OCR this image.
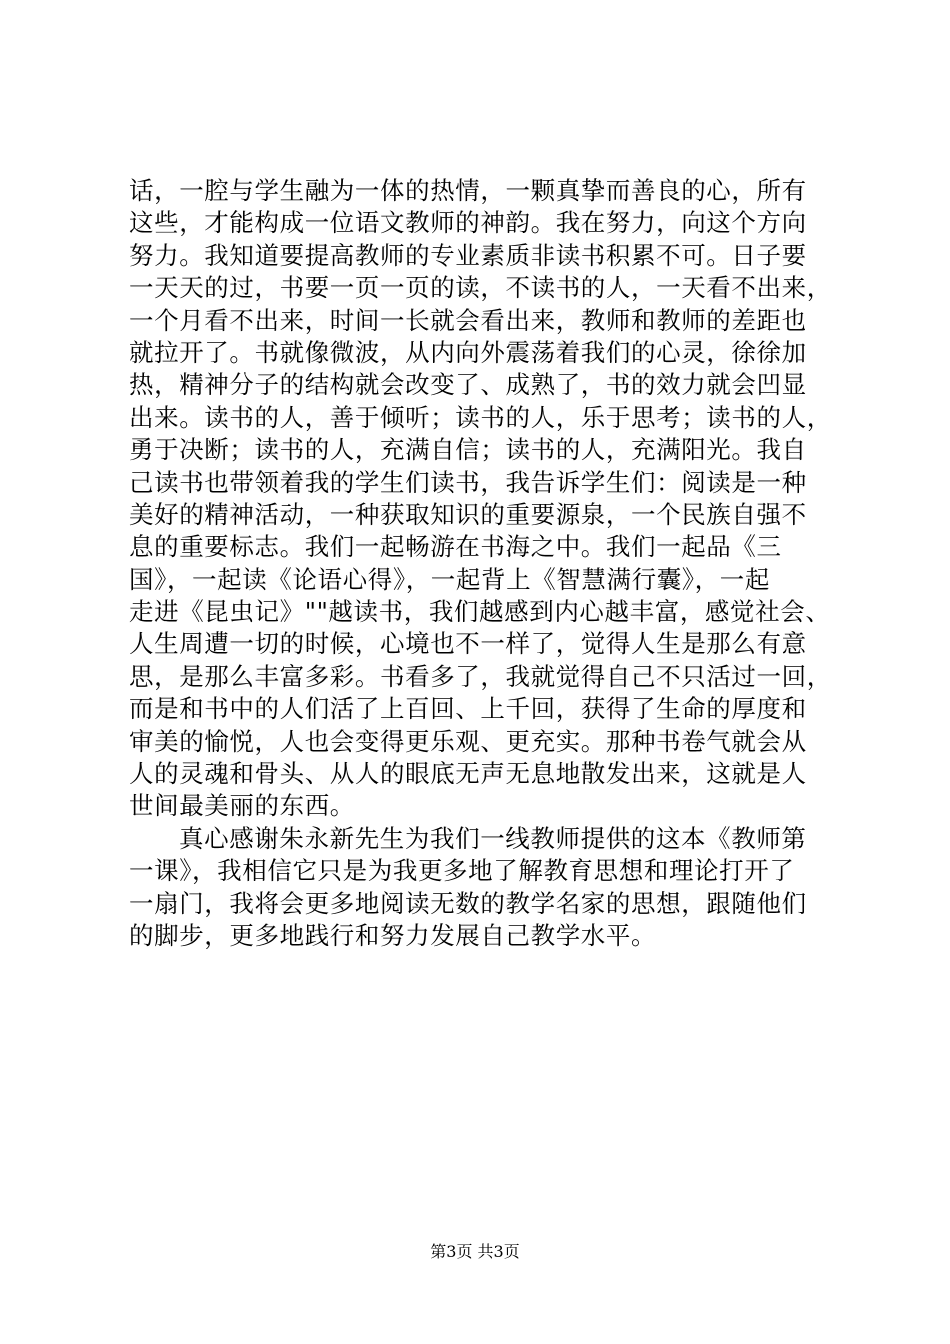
话，一腔与学生融为一体的热情，一颗真挚而善良的心，所有
这些，才能构成一位语文教师的神韵。我在努力，向这个方向
努力。我知道要提高教师的专业素质非读书积累不可。日子要
一天天的过，书要一页一页的读，不读书的人，一天看不出来，
一个月看不出来，时间一长就会看出来，教师和教师的差距也
就拉开了。书就像微波，从内向外震荡着我们的心灵，徐徐加
热，精神分子的结构就会改变了、成熟了，书的效力就会凹显
出来。读书的人，善于倾听；读书的人，乐于思考；读书的人，
勇于决断；读书的人，充满自信；读书的人，充满阳光。我自
己读书也带领着我的学生们读书，我告诉学生们：阅读是一种
美好的精神活动，一种获取知识的重要源泉，一个民族自强不
息的重要标志。我们一起畅游在书海之中。我们一起品《三
国》，一起读《论语心得》，一起背上《智慧满行囊》，一起
走进《昆虫记》""越读书，我们越感到内心越丰富，感觉社会、
人生周遭一切的时候，心境也不一样了，觉得人生是那么有意
思，是那么丰富多彩。书看多了，我就觉得自己不只活过一回，
而是和书中的人们活了上百回、上千回，获得了生命的厚度和
审美的愉悦，人也会变得更乐观、更充实。那种书卷气就会从
人的灵魂和骨头、从人的眼底无声无息地散发出来，这就是人
世间最美丽的东西。
真心感谢朱永新先生为我们一线教师提供的这本《教师第
一课》，我相信它只是为我更多地了解教育思想和理论打开了
一扇门，我将会更多地阅读无数的教学名家的思想，跟随他们
的脚步，更多地践行和努力发展自己教学水平。
第3页 共3页
